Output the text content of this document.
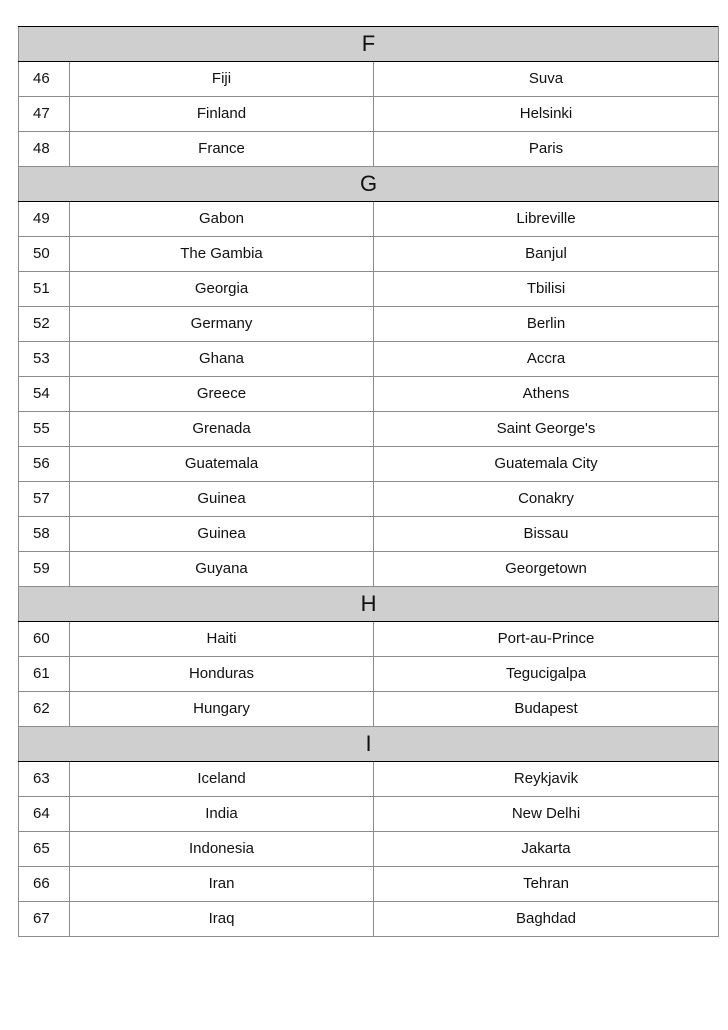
F		
46	Fiji	Suva
47	Finland	Helsinki
48	France	Paris
G		
49	Gabon	Libreville
50	The Gambia	Banjul
51	Georgia	Tbilisi
52	Germany	Berlin
53	Ghana	Accra
54	Greece	Athens
55	Grenada	Saint George's
56	Guatemala	Guatemala City
57	Guinea	Conakry
58	Guinea	Bissau
59	Guyana	Georgetown
H		
60	Haiti	Port-au-Prince
61	Honduras	Tegucigalpa
62	Hungary	Budapest
I		
63	Iceland	Reykjavik
64	India	New Delhi
65	Indonesia	Jakarta
66	Iran	Tehran
67	Iraq	Baghdad
